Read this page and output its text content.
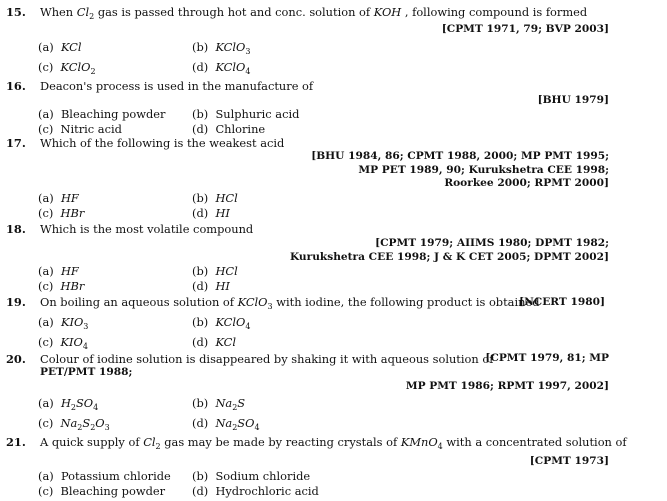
15. When $Cl_2$ gas is passed through hot and conc. solution of KOH , following compound is formed
[CPMT 1971, 79; BVP 2003]
(a) KCl	(b) KClO$_3$
(c) KClO$_2$	(d) KClO$_4$
16. Deacon's process is used in the manufacture of
[BHU 1979]
(a) Bleaching powder (b) Sulphuric acid
(c) Nitric acid	(d) Chlorine
17. Which of the following is the weakest acid
[BHU 1984, 86; CPMT 1988, 2000; MP PMT 1995;
MP PET 1989, 90; Kurukshetra CEE 1998;
Roorkee 2000; RPMT 2000]
(a) HF	(b) HCl
(c) HBr	(d) HI
18. Which is the most volatile compound
[CPMT 1979; AIIMS 1980; DPMT 1982;
Kurukshetra CEE 1998; J & K CET 2005; DPMT 2002]
(a) HF	(b) HCl
(c) HBr	(d) HI
19. On boiling an aqueous solution of KClO$_3$ with iodine, the following product is obtained
[NCERT 1980]
(a) $KIO_3$	(b) KClO$_4$
(c) $KIO_4$	(d) KCl
20. Colour of iodine solution is disappeared by shaking it with aqueous solution of
[CPMT 1979, 81; MP
PET/PMT 1988;
MP PMT 1986; RPMT 1997, 2002]
(a) $H_2SO_4$	(b) $Na_2S$
(c) $Na_2S_2O_3$	(d) $Na_2SO_4$
21. A quick supply of $Cl_2$ gas may be made by reacting crystals of KMnO$_4$ with a concentrated solution of
[CPMT 1973]
(a) Potassium chloride (b) Sodium chloride
(c) Bleaching powder (d) Hydrochloric acid
